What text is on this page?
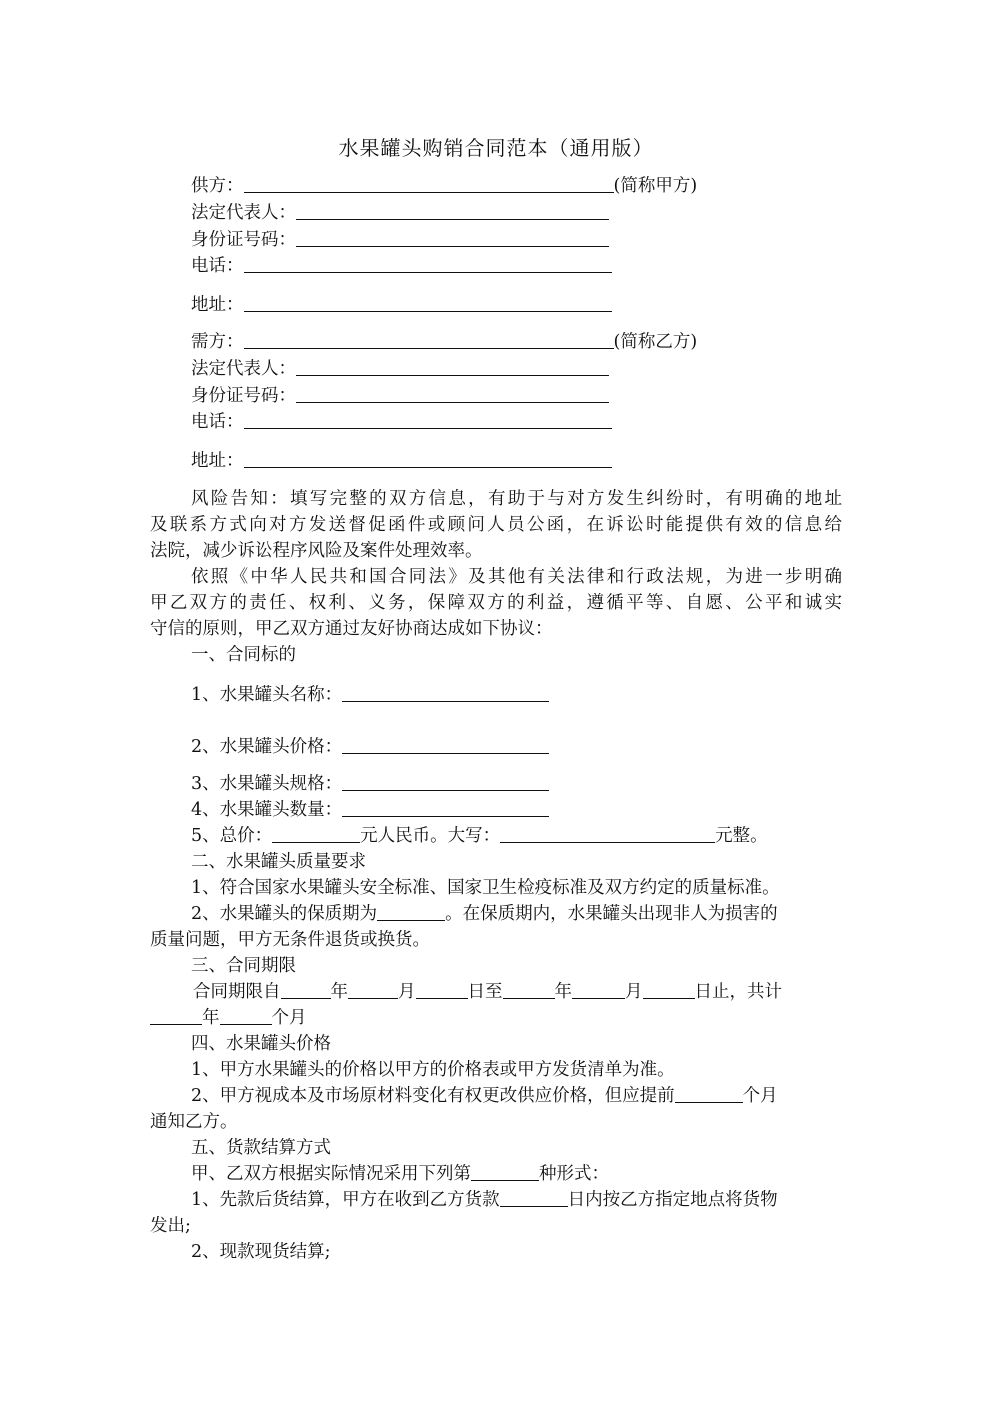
水果罐头购销合同范本（通用版）
供方：	(简称甲方)
法定代表人：
身份证号码：
电话：
地址：
需方：	(简称乙方)
法定代表人：
身份证号码：
电话：
地址：
风险告知：填写完整的双方信息，有助于与对方发生纠纷时，有明确的地址
及联系方式向对方发送督促函件或顾问人员公函，在诉讼时能提供有效的信息给
法院，减少诉讼程序风险及案件处理效率。
依照《中华人民共和国合同法》及其他有关法律和行政法规，为进一步明确
甲乙双方的责任、权利、义务，保障双方的利益，遵循平等、自愿、公平和诚实
守信的原则，甲乙双方通过友好协商达成如下协议：
一、合同标的
1、水果罐头名称：
2、水果罐头价格：
3、水果罐头规格：
4、水果罐头数量：
5、总价：	元人民币。大写：	元整。
二、水果罐头质量要求
1、符合国家水果罐头安全标准、国家卫生检疫标准及双方约定的质量标准。
2、水果罐头的保质期为	。在保质期内，水果罐头出现非人为损害的
质量问题，甲方无条件退货或换货。
三、合同期限
合同期限自	年	月	日至	年	月	日止，共计
年	个月
四、水果罐头价格
1、甲方水果罐头的价格以甲方的价格表或甲方发货清单为准。
2、甲方视成本及市场原材料变化有权更改供应价格，但应提前	个月
通知乙方。
五、货款结算方式
甲、乙双方根据实际情况采用下列第	种形式：
1、先款后货结算，甲方在收到乙方货款	日内按乙方指定地点将货物
发出;
2、现款现货结算;
